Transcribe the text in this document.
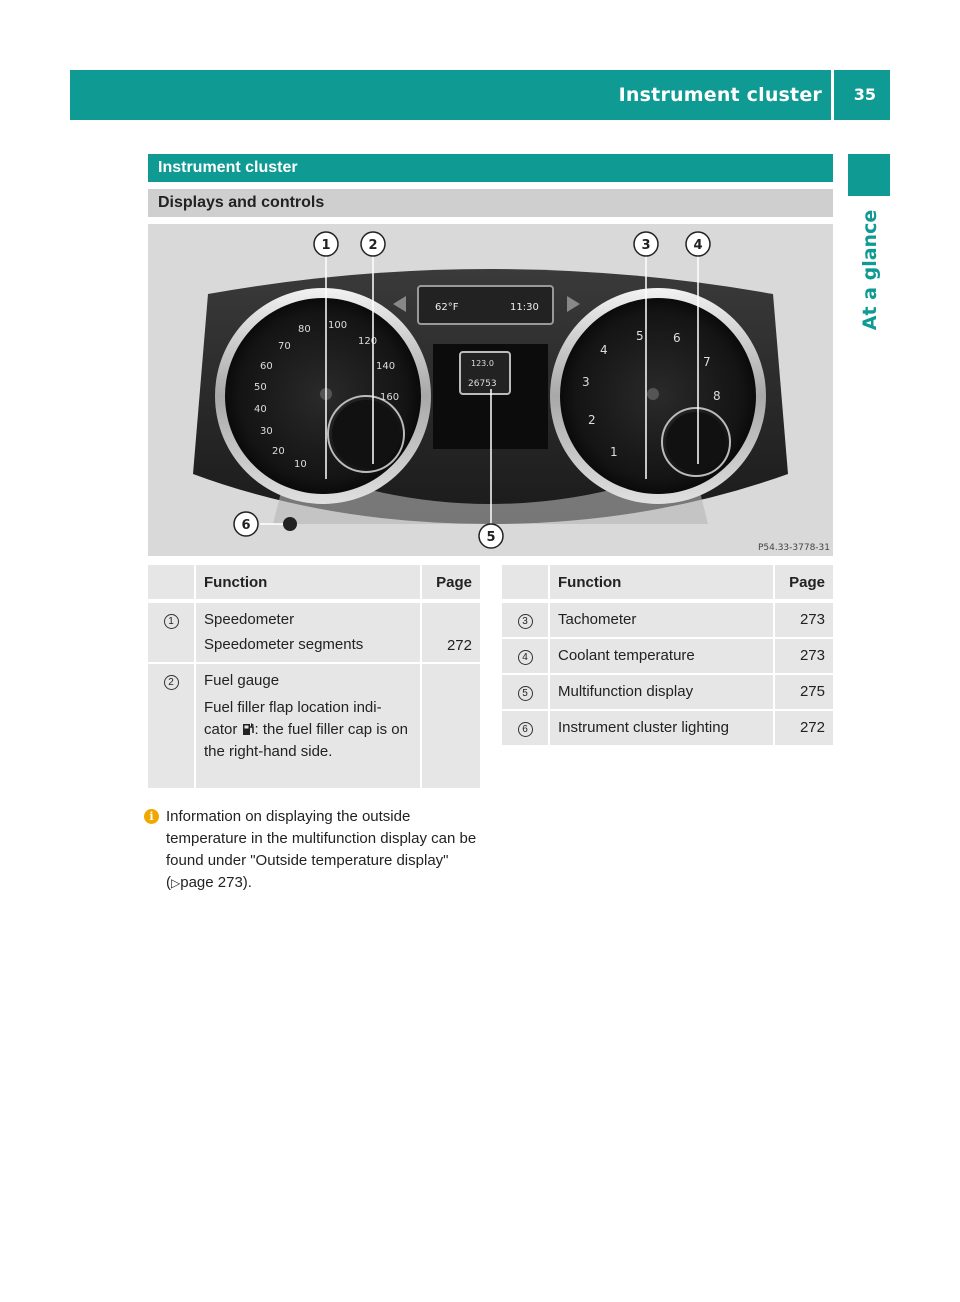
Instrument cluster 35
At a glance
Instrument cluster
Displays and controls
80 100
120
140
160
70
60
50
40
30
20
10
62°F	11:30
123.0
26753
5 6
7
8
4
3
2
1
1	2	3	4
5
6
P54.33-3778-31
	Function	Page
1	Speedometer
Speedometer segments	272

2	Fuel gauge
Fuel filler flap location indi-cator : the fuel filler cap is on the right-hand side.	

	Function	Page
3	Tachometer	273
4	Coolant temperature	273
5	Multifunction display	275
6	Instrument cluster lighting	272
i Information on displaying the outside temperature in the multifunction display can be found under "Outside temperature display" (▷page 273).
